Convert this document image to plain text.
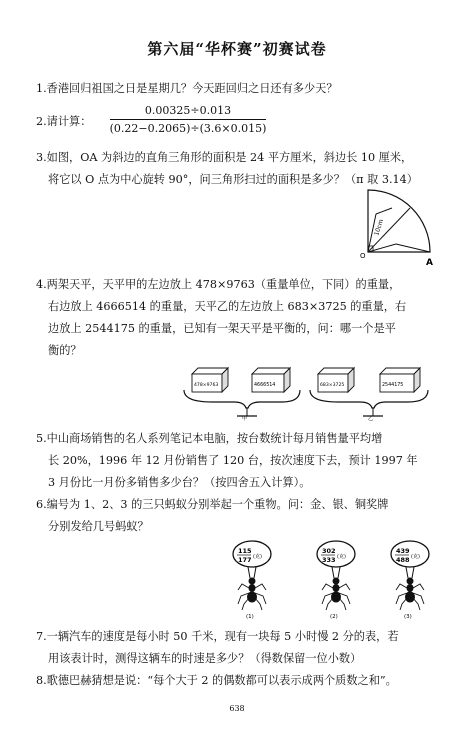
第六届“华杯赛”初赛试卷
1.香港回归祖国之日是星期几？今天距回归之日还有多少天？
2.请计算：
0.00325÷0.013
(0.22−0.2065)÷(3.6×0.015)
3.如图，OA 为斜边的直角三角形的面积是 24 平方厘米，斜边长 10 厘米，
将它以 O 点为中心旋转 90°，问三角形扫过的面积是多少？（π 取 3.14）
10cm
O
A
4.两架天平，天平甲的左边放上 478×9763（重量单位，下同）的重量，
右边放上 4666514 的重量，天平乙的左边放上 683×3725 的重量，右
边放上 2544175 的重量，已知有一架天平是平衡的，问：哪一个是平
衡的？
478×9763	4666514
甲
683×3725	2544175
乙
5.中山商场销售的名人系列笔记本电脑，按台数统计每月销售量平均增
长 20%，1996 年 12 月份销售了 120 台，按次速度下去，预计 1997 年
3 月份比一月份多销售多少台？（按四舍五入计算）。
6.编号为 1、2、3 的三只蚂蚁分别举起一个重物。问：金、银、铜奖牌
分别发给几号蚂蚁？
115
177 (克)
(1)
302
333 (克)
(2)
439
488 (克)
(3)
7.一辆汽车的速度是每小时 50 千米，现有一块每 5 小时慢 2 分的表，若
用该表计时，测得这辆车的时速是多少？（得数保留一位小数）
8.歌德巴赫猜想是说：“每个大于 2 的偶数都可以表示成两个质数之和”。
638
